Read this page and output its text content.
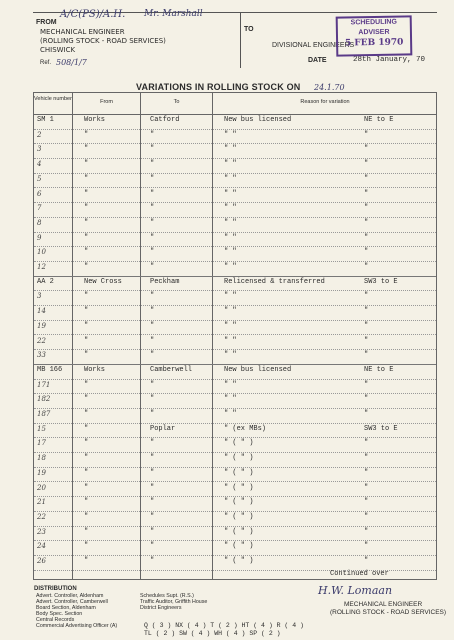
FROM
A/C(PS)/A.H. Mr. Marshall
MECHANICAL ENGINEER
(ROLLING STOCK - ROAD SERVICES)
CHISWICK
Ref. 508/1/7
TO
DIVISIONAL ENGINEERS
DATE	28th January, 70
SCHEDULING
ADVISER
5 FEB 1970
VARIATIONS IN ROLLING STOCK ON 24.1.70
Vehicle number	From	To	Reason for variation
SM 1	Works	Catford	New bus licensed	NE to E
2	"	"	" "	"
3	"	"	" "	"
4	"	"	" "	"
5	"	"	" "	"
6	"	"	" "	"
7	"	"	" "	"
8	"	"	" "	"
9	"	"	" "	"
10	"	"	" "	"
12	"	"	" "	"
AA 2	New Cross	Peckham	Relicensed & transferred	SW3 to E
3	"	"	" "	"
14	"	"	" "	"
19	"	"	" "	"
22	"	"	" "	"
33	"	"	" "	"
MB 166	Works	Camberwell	New bus licensed	NE to E
171	"	"	" "	"
182	"	"	" "	"
187	"	"	" "	"
15	"	Poplar	" (ex MBs)	SW3 to E
17	"	"	" ( " )	"
18	"	"	" ( " )	"
19	"	"	" ( " )	"
20	"	"	" ( " )	"
21	"	"	" ( " )	"
22	"	"	" ( " )	"
23	"	"	" ( " )	"
24	"	"	" ( " )	"
26	"	"	" ( " )	"
Continued over
DISTRIBUTION
Advert. Controller, Aldenham
Advert. Controller, Camberwell
Board Section, Aldenham
Body Spec. Section
Central Records
Commercial Advertising Officer (A)
Schedules Supt. (R.S.)
Traffic Auditor, Griffith House
District Engineers
H.W. Lomaan
MECHANICAL ENGINEER
(ROLLING STOCK - ROAD SERVICES)
Q ( 3 ) NX ( 4 ) T ( 2 ) HT ( 4 ) R ( 4 )
TL ( 2 ) SW ( 4 ) WH ( 4 ) SP ( 2 )
